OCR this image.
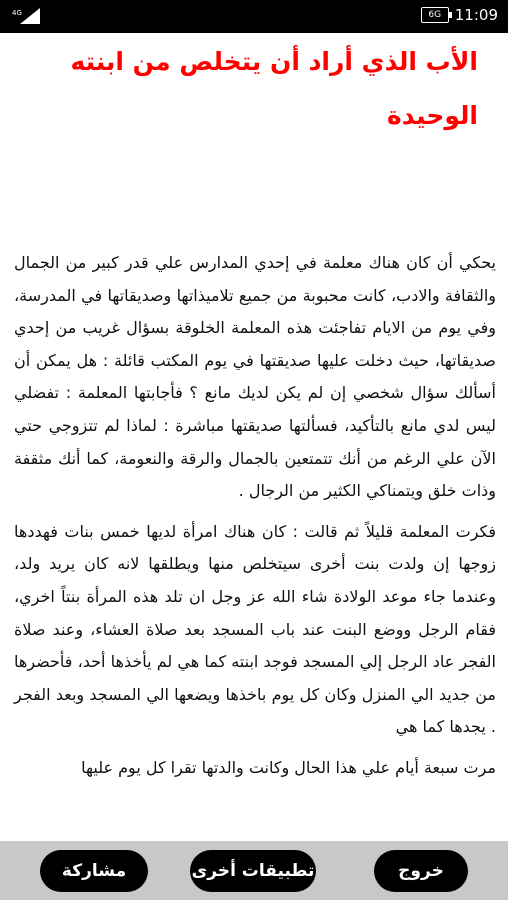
4G	6G 11:09
الأب الذي أراد أن يتخلص من ابنته الوحيدة

يحكي أن كان هناك معلمة في إحدي المدارس علي قدر كبير من الجمال والثقافة والادب، كانت محبوبة من جميع تلاميذاتها وصديقاتها في المدرسة، وفي يوم من الايام تفاجئت هذه المعلمة الخلوقة بسؤال غريب من إحدي صديقاتها، حيث دخلت عليها صديقتها في يوم المكتب قائلة : هل يمكن أن أسألك سؤال شخصي إن لم يكن لديك مانع ؟ فأجابتها المعلمة : تفضلي ليس لدي مانع بالتأكيد، فسألتها صديقتها مباشرة : لماذا لم تتزوجي حتي الآن علي الرغم من أنك تتمتعين بالجمال والرقة والنعومة، كما أنك مثقفة وذات خلق ويتمناكي الكثير من الرجال .

فكرت المعلمة قليلاً ثم قالت : كان هناك امرأة لديها خمس بنات فهددها زوجها إن ولدت بنت أخرى سيتخلص منها ويطلقها لانه كان يريد ولد، وعندما جاء موعد الولادة شاء الله عز وجل ان تلد هذه المرأة بنتاً اخري، فقام الرجل ووضع البنت عند باب المسجد بعد صلاة العشاء، وعند صلاة الفجر عاد الرجل إلي المسجد فوجد ابنته كما هي لم يأخذها أحد، فأحضرها من جديد الي المنزل وكان كل يوم باخذها ويضعها الي المسجد وبعد الفجر . يجدها كما هي

مرت سبعة أيام علي هذا الحال وكانت والدتها تقرا كل يوم عليها

مشاركة	تطبيقات أخرى	خروج
